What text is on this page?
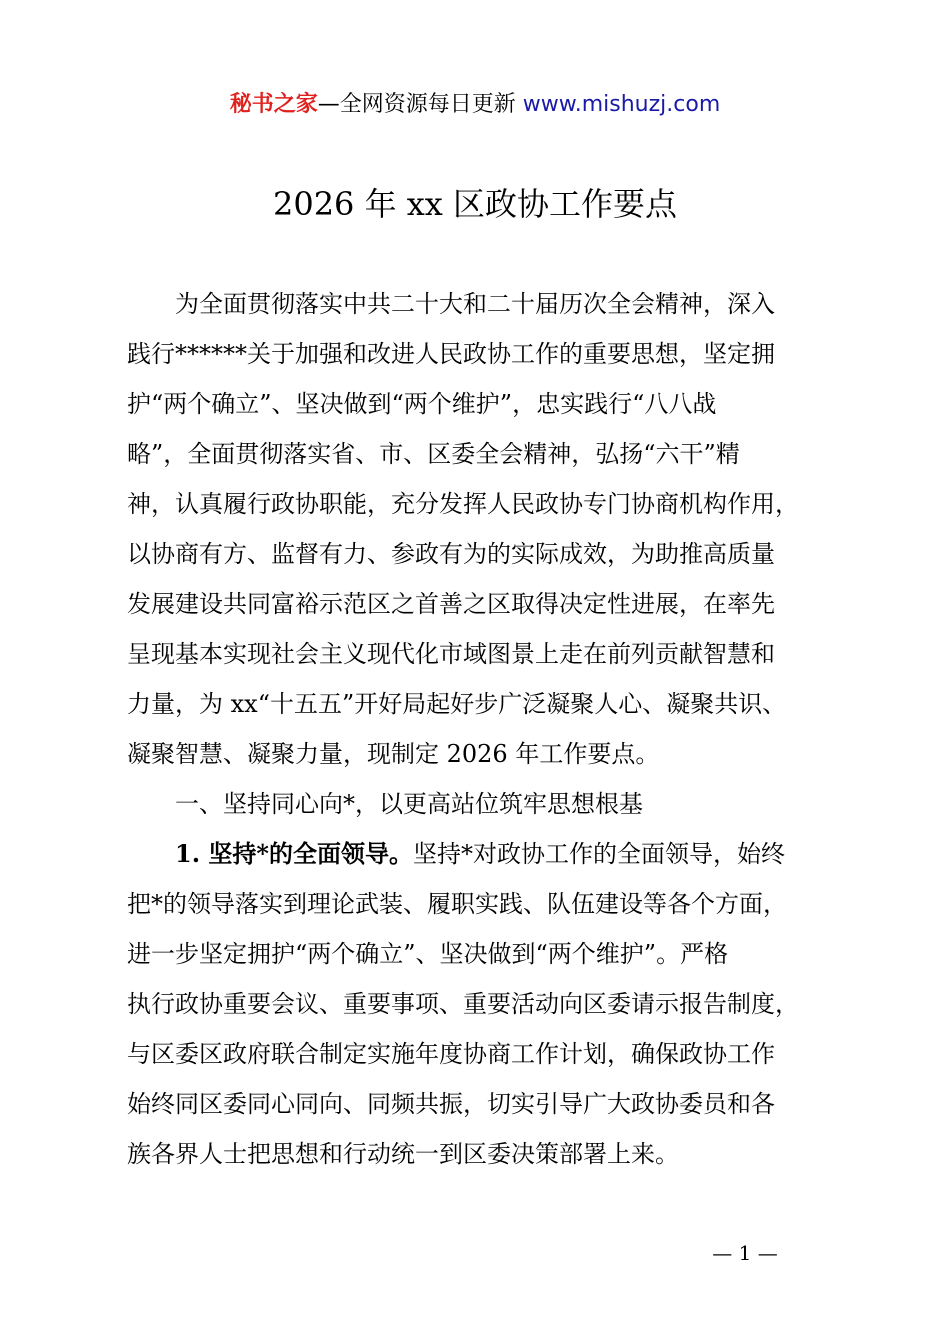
秘书之家—全网资源每日更新 www.mishuzj.com
2026 年 xx 区政协工作要点
为全面贯彻落实中共二十大和二十届历次全会精神，深入
践行******关于加强和改进人民政协工作的重要思想，坚定拥
护“两个确立”、坚决做到“两个维护”，忠实践行“八八战
略”，全面贯彻落实省、市、区委全会精神，弘扬“六干”精
神，认真履行政协职能，充分发挥人民政协专门协商机构作用，
以协商有方、监督有力、参政有为的实际成效，为助推高质量
发展建设共同富裕示范区之首善之区取得决定性进展，在率先
呈现基本实现社会主义现代化市域图景上走在前列贡献智慧和
力量，为 xx“十五五”开好局起好步广泛凝聚人心、凝聚共识、
凝聚智慧、凝聚力量，现制定 2026 年工作要点。
一、坚持同心向*，以更高站位筑牢思想根基
1. 坚持*的全面领导。坚持*对政协工作的全面领导，始终
把*的领导落实到理论武装、履职实践、队伍建设等各个方面，
进一步坚定拥护“两个确立”、坚决做到“两个维护”。严格
执行政协重要会议、重要事项、重要活动向区委请示报告制度，
与区委区政府联合制定实施年度协商工作计划，确保政协工作
始终同区委同心同向、同频共振，切实引导广大政协委员和各
族各界人士把思想和行动统一到区委决策部署上来。
— 1 —
